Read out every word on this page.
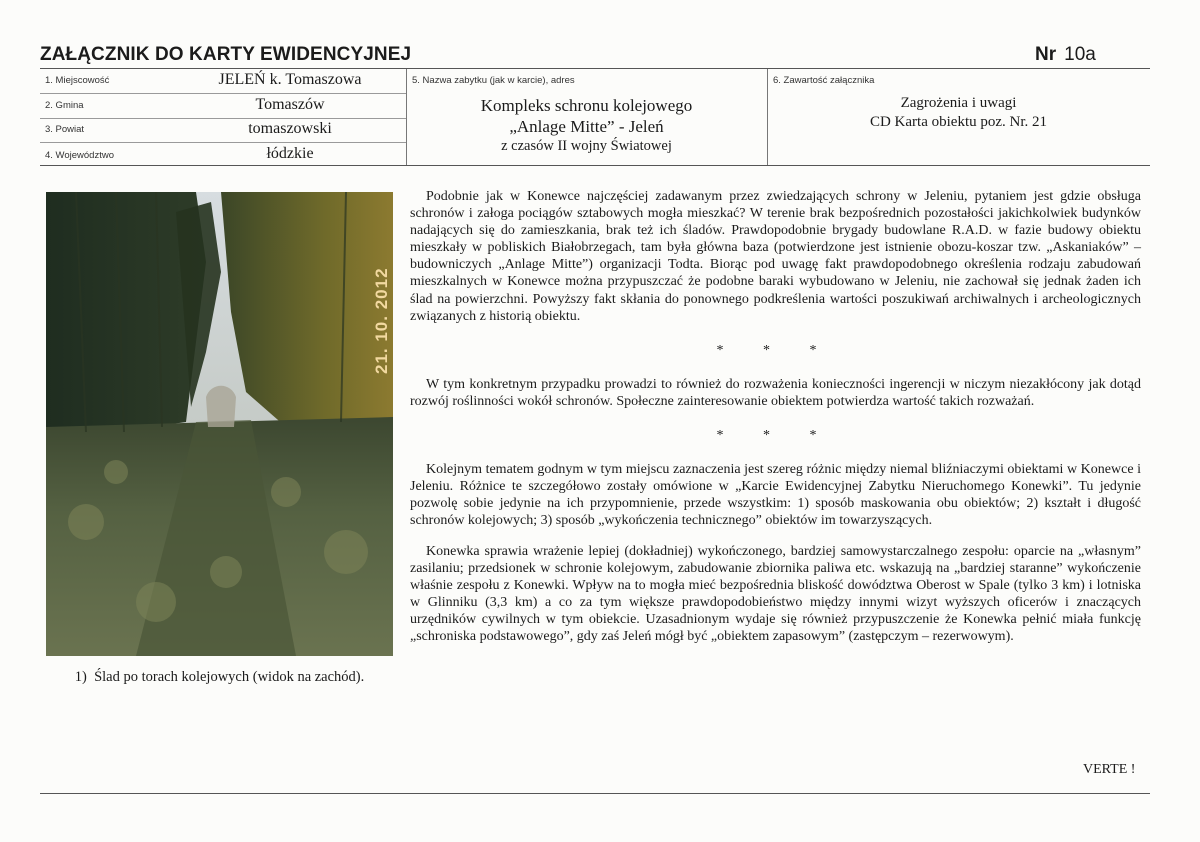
ZAŁĄCZNIK DO KARTY EWIDENCYJNEJ	Nr 10a
1. Miejscowość	JELEŃ k. Tomaszowa
2. Gmina	Tomaszów
3. Powiat	tomaszowski
4. Województwo	łódzkie
5. Nazwa zabytku (jak w karcie), adres
Kompleks schronu kolejowego
„Anlage Mitte” - Jeleń
z czasów II wojny Światowej
6. Zawartość załącznika
Zagrożenia i uwagi
CD Karta obiektu poz. Nr. 21
21. 10. 2012
1) Ślad po torach kolejowych (widok na zachód).

Podobnie jak w Konewce najczęściej zadawanym przez zwiedzających schrony w Jeleniu, pytaniem jest gdzie obsługa schronów i załoga pociągów sztabowych mogła mieszkać? W terenie brak bezpośrednich pozostałości jakichkolwiek budynków nadających się do zamieszkania, brak też ich śladów. Prawdopodobnie brygady budowlane R.A.D. w fazie budowy obiektu mieszkały w pobliskich Białobrzegach, tam była główna baza (potwierdzone jest istnienie obozu-koszar tzw. „Askaniaków” – budowniczych „Anlage Mitte”) organizacji Todta. Biorąc pod uwagę fakt prawdopodobnego określenia rodzaju zabudowań mieszkalnych w Konewce można przypuszczać że podobne baraki wybudowano w Jeleniu, nie zachował się jednak żaden ich ślad na powierzchni. Powyższy fakt skłania do ponownego podkreślenia wartości poszukiwań archiwalnych i archeologicznych związanych z historią obiektu.

* * *

W tym konkretnym przypadku prowadzi to również do rozważenia konieczności ingerencji w niczym niezakłócony jak dotąd rozwój roślinności wokół schronów. Społeczne zainteresowanie obiektem potwierdza wartość takich rozważań.

* * *

Kolejnym tematem godnym w tym miejscu zaznaczenia jest szereg różnic między niemal bliźniaczymi obiektami w Konewce i Jeleniu. Różnice te szczegółowo zostały omówione w „Karcie Ewidencyjnej Zabytku Nieruchomego Konewki”. Tu jedynie pozwolę sobie jedynie na ich przypomnienie, przede wszystkim: 1) sposób maskowania obu obiektów; 2) kształt i długość schronów kolejowych; 3) sposób „wykończenia technicznego” obiektów im towarzyszących.

Konewka sprawia wrażenie lepiej (dokładniej) wykończonego, bardziej samowystarczalnego zespołu: oparcie na „własnym” zasilaniu; przedsionek w schronie kolejowym, zabudowanie zbiornika paliwa etc. wskazują na „bardziej staranne” wykończenie właśnie zespołu z Konewki. Wpływ na to mogła mieć bezpośrednia bliskość dowództwa Oberost w Spale (tylko 3 km) i lotniska w Glinniku (3,3 km) a co za tym większe prawdopodobieństwo między innymi wizyt wyższych oficerów i znaczących urzędników cywilnych w tym obiekcie. Uzasadnionym wydaje się również przypuszczenie że Konewka pełnić miała funkcję „schroniska podstawowego”, gdy zaś Jeleń mógł być „obiektem zapasowym” (zastępczym – rezerwowym).

VERTE !
